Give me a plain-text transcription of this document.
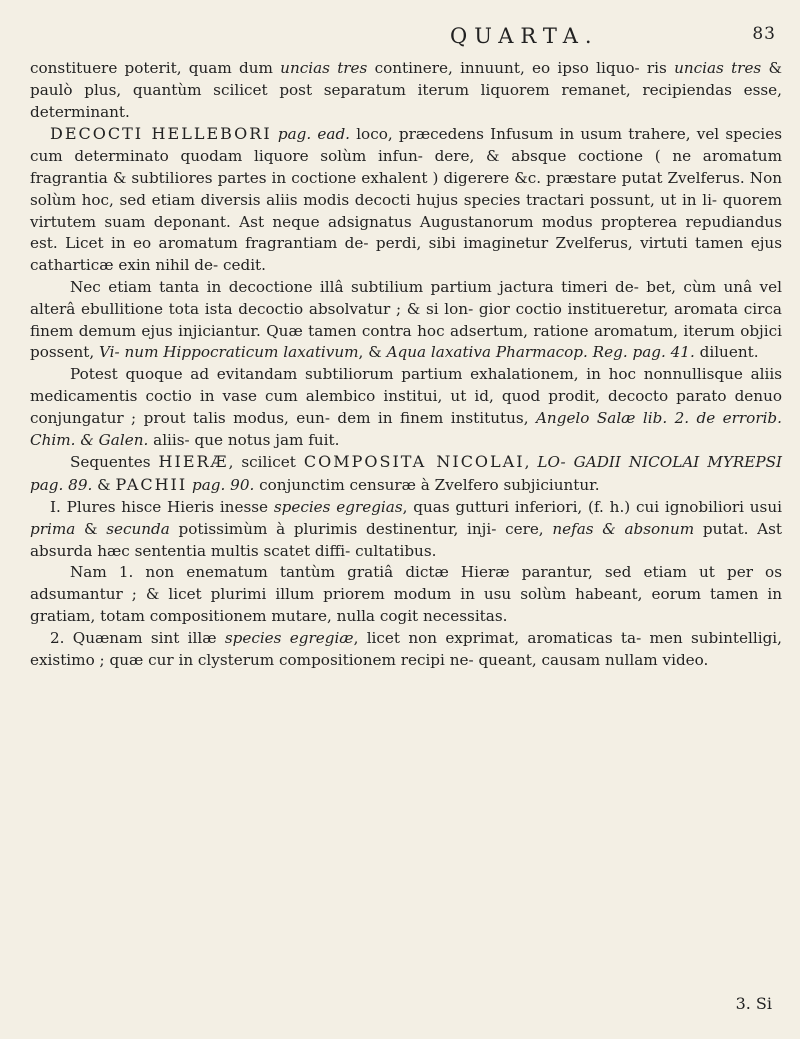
QUARTA.	83

constituere poterit, quam dum uncias tres continere, innuunt, eo ipso liquo- ris uncias tres & paulò plus, quantùm scilicet post separatum iterum liquorem remanet, recipiendas esse, determinant.

DECOCTI HELLEBORI pag. ead. loco, præcedens Infusum in usum trahere, vel species cum determinato quodam liquore solùm infun- dere, & absque coctione ( ne aromatum fragrantia & subtiliores partes in coctione exhalent ) digerere &c. præstare putat Zvelferus. Non solùm hoc, sed etiam diversis aliis modis decocti hujus species tractari possunt, ut in li- quorem virtutem suam deponant. Ast neque adsignatus Augustanorum modus propterea repudiandus est. Licet in eo aromatum fragrantiam de- perdi, sibi imaginetur Zvelferus, virtuti tamen ejus catharticæ exin nihil de- cedit.

Nec etiam tanta in decoctione illâ subtilium partium jactura timeri de- bet, cùm unâ vel alterâ ebullitione tota ista decoctio absolvatur ; & si lon- gior coctio institueretur, aromata circa finem demum ejus injiciantur. Quæ tamen contra hoc adsertum, ratione aromatum, iterum objici possent, Vi- num Hippocraticum laxativum, & Aqua laxativa Pharmacop. Reg. pag. 41. diluent.

Potest quoque ad evitandam subtiliorum partium exhalationem, in hoc nonnullisque aliis medicamentis coctio in vase cum alembico institui, ut id, quod prodit, decocto parato denuo conjungatur ; prout talis modus, eun- dem in finem institutus, Angelo Salæ lib. 2. de errorib. Chim. & Galen. aliis- que notus jam fuit.

Sequentes HIERÆ, scilicet COMPOSITA NICOLAI, LO- GADII NICOLAI MYREPSI pag. 89. & PACHII pag. 90. conjunctim censuræ à Zvelfero subjiciuntur.

I. Plures hisce Hieris inesse species egregias, quas gutturi inferiori, (f. h.) cui ignobiliori usui prima & secunda potissimùm à plurimis destinentur, inji- cere, nefas & absonum putat. Ast absurda hæc sententia multis scatet diffi- cultatibus.

Nam 1. non enematum tantùm gratiâ dictæ Hieræ parantur, sed etiam ut per os adsumantur ; & licet plurimi illum priorem modum in usu solùm habeant, eorum tamen in gratiam, totam compositionem mutare, nulla cogit necessitas.

2. Quænam sint illæ species egregiæ, licet non exprimat, aromaticas ta- men subintelligi, existimo ; quæ cur in clysterum compositionem recipi ne- queant, causam nullam video.

3. Si
